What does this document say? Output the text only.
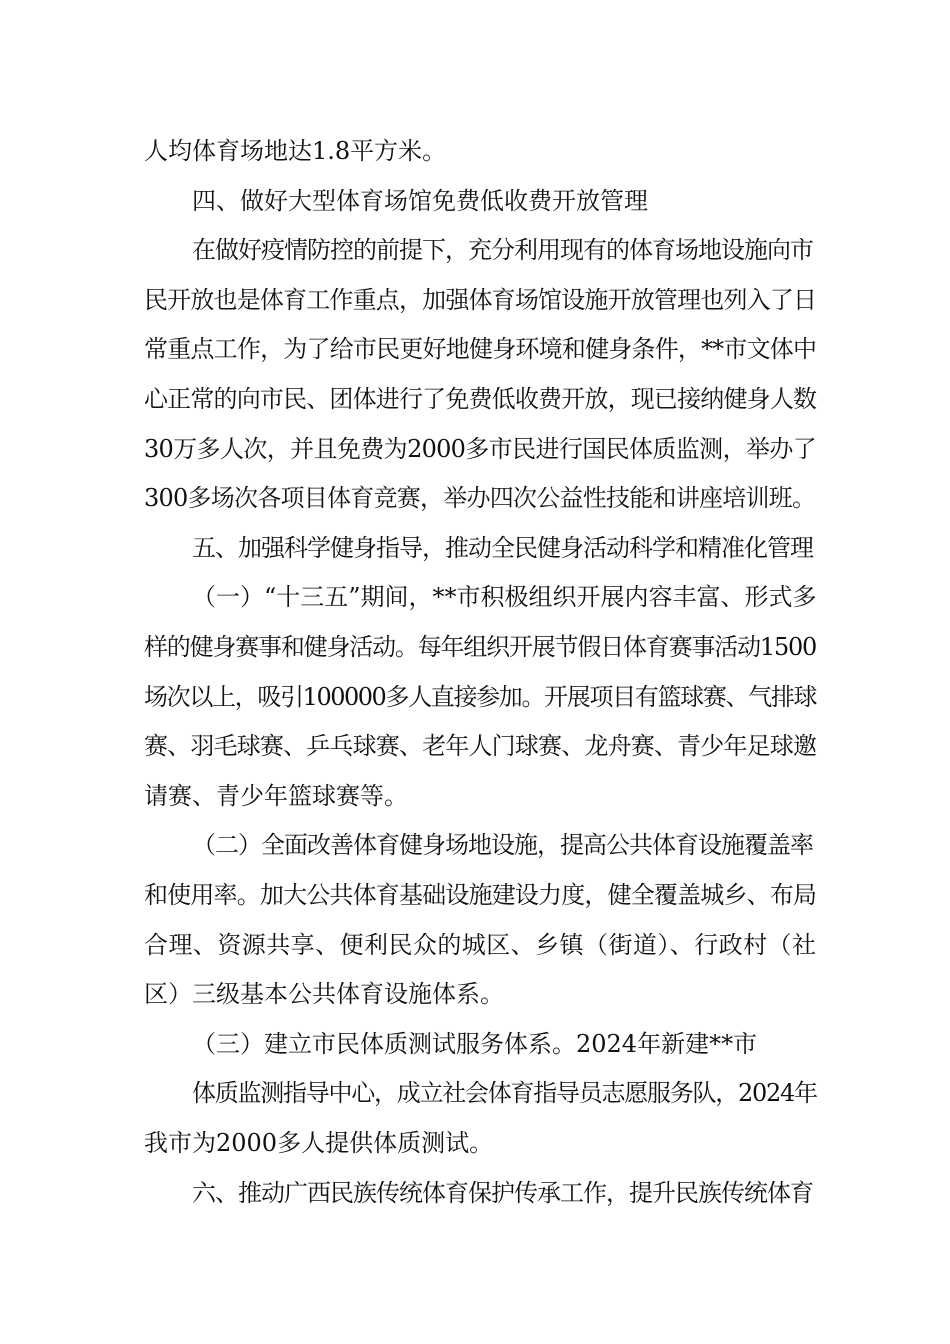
人均体育场地达1.8平方米。
四、做好大型体育场馆免费低收费开放管理
在做好疫情防控的前提下，充分利用现有的体育场地设施向市
民开放也是体育工作重点，加强体育场馆设施开放管理也列入了日
常重点工作，为了给市民更好地健身环境和健身条件，**市文体中
心正常的向市民、团体进行了免费低收费开放，现已接纳健身人数
30万多人次，并且免费为2000多市民进行国民体质监测，举办了
300多场次各项目体育竞赛，举办四次公益性技能和讲座培训班。
五、加强科学健身指导，推动全民健身活动科学和精准化管理
（一）“十三五”期间，**市积极组织开展内容丰富、形式多
样的健身赛事和健身活动。每年组织开展节假日体育赛事活动1500
场次以上，吸引100000多人直接参加。开展项目有篮球赛、气排球
赛、羽毛球赛、乒乓球赛、老年人门球赛、龙舟赛、青少年足球邀
请赛、青少年篮球赛等。
（二）全面改善体育健身场地设施，提高公共体育设施覆盖率
和使用率。加大公共体育基础设施建设力度，健全覆盖城乡、布局
合理、资源共享、便利民众的城区、乡镇（街道）、行政村（社
区）三级基本公共体育设施体系。
（三）建立市民体质测试服务体系。2024年新建**市
体质监测指导中心，成立社会体育指导员志愿服务队，2024年
我市为2000多人提供体质测试。
六、推动广西民族传统体育保护传承工作，提升民族传统体育
